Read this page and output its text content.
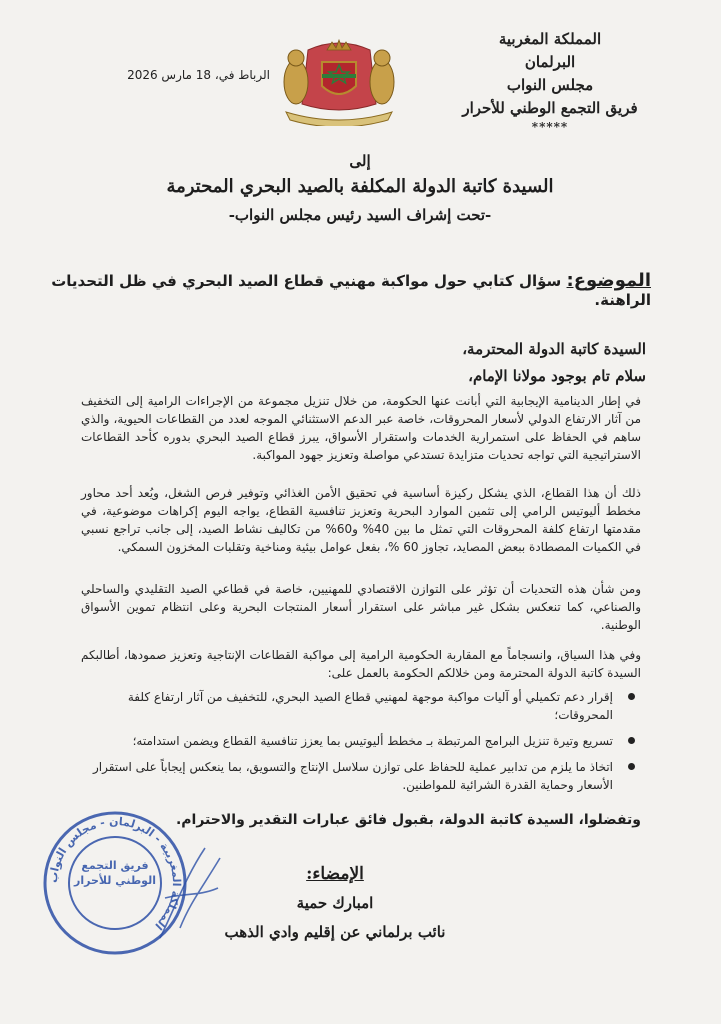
المملكة المغربية
البرلمان
مجلس النواب
فريق التجمع الوطني للأحرار
*****
الرباط في، 18 مارس 2026
إلى
السيدة كاتبة الدولة المكلفة بالصيد البحري المحترمة
-تحت إشراف السيد رئيس مجلس النواب-
الموضوع: سؤال كتابي حول مواكبة مهنيي قطاع الصيد البحري في ظل التحديات الراهنة.
السيدة كاتبة الدولة المحترمة،
سلام تام بوجود مولانا الإمام،
في إطار الدينامية الإيجابية التي أبانت عنها الحكومة، من خلال تنزيل مجموعة من الإجراءات الرامية إلى التخفيف من آثار الارتفاع الدولي لأسعار المحروقات، خاصة عبر الدعم الاستثنائي الموجه لعدد من القطاعات الحيوية، والذي ساهم في الحفاظ على استمرارية الخدمات واستقرار الأسواق، يبرز قطاع الصيد البحري بدوره كأحد القطاعات الاستراتيجية التي تواجه تحديات متزايدة تستدعي مواصلة وتعزيز جهود المواكبة.
ذلك أن هذا القطاع، الذي يشكل ركيزة أساسية في تحقيق الأمن الغذائي وتوفير فرص الشغل، ويُعد أحد محاور مخطط أليوتيس الرامي إلى تثمين الموارد البحرية وتعزيز تنافسية القطاع، يواجه اليوم إكراهات موضوعية، في مقدمتها ارتفاع كلفة المحروقات التي تمثل ما بين 40% و60% من تكاليف نشاط الصيد، إلى جانب تراجع نسبي في الكميات المصطادة ببعض المصايد، تجاوز 60 %، بفعل عوامل بيئية ومناخية وتقلبات المخزون السمكي.
ومن شأن هذه التحديات أن تؤثر على التوازن الاقتصادي للمهنيين، خاصة في قطاعي الصيد التقليدي والساحلي والصناعي، كما تنعكس بشكل غير مباشر على استقرار أسعار المنتجات البحرية وعلى انتظام تموين الأسواق الوطنية.
وفي هذا السياق، وانسجاماً مع المقاربة الحكومية الرامية إلى مواكبة القطاعات الإنتاجية وتعزيز صمودها، أطالبكم السيدة كاتبة الدولة المحترمة ومن خلالكم الحكومة بالعمل على:
إقرار دعم تكميلي أو آليات مواكبة موجهة لمهنيي قطاع الصيد البحري، للتخفيف من آثار ارتفاع كلفة المحروقات؛
تسريع وتيرة تنزيل البرامج المرتبطة بـ مخطط أليوتيس بما يعزز تنافسية القطاع ويضمن استدامته؛
اتخاذ ما يلزم من تدابير عملية للحفاظ على توازن سلاسل الإنتاج والتسويق، بما ينعكس إيجاباً على استقرار الأسعار وحماية القدرة الشرائية للمواطنين.
وتفضلوا، السيدة كاتبة الدولة، بقبول فائق عبارات التقدير والاحترام.
المملكة المغربية - البرلمان - مجلس النواب
فريق التجمع الوطني للأحرار	الإمضاء:
امبارك حمية
نائب برلماني عن إقليم وادي الذهب
